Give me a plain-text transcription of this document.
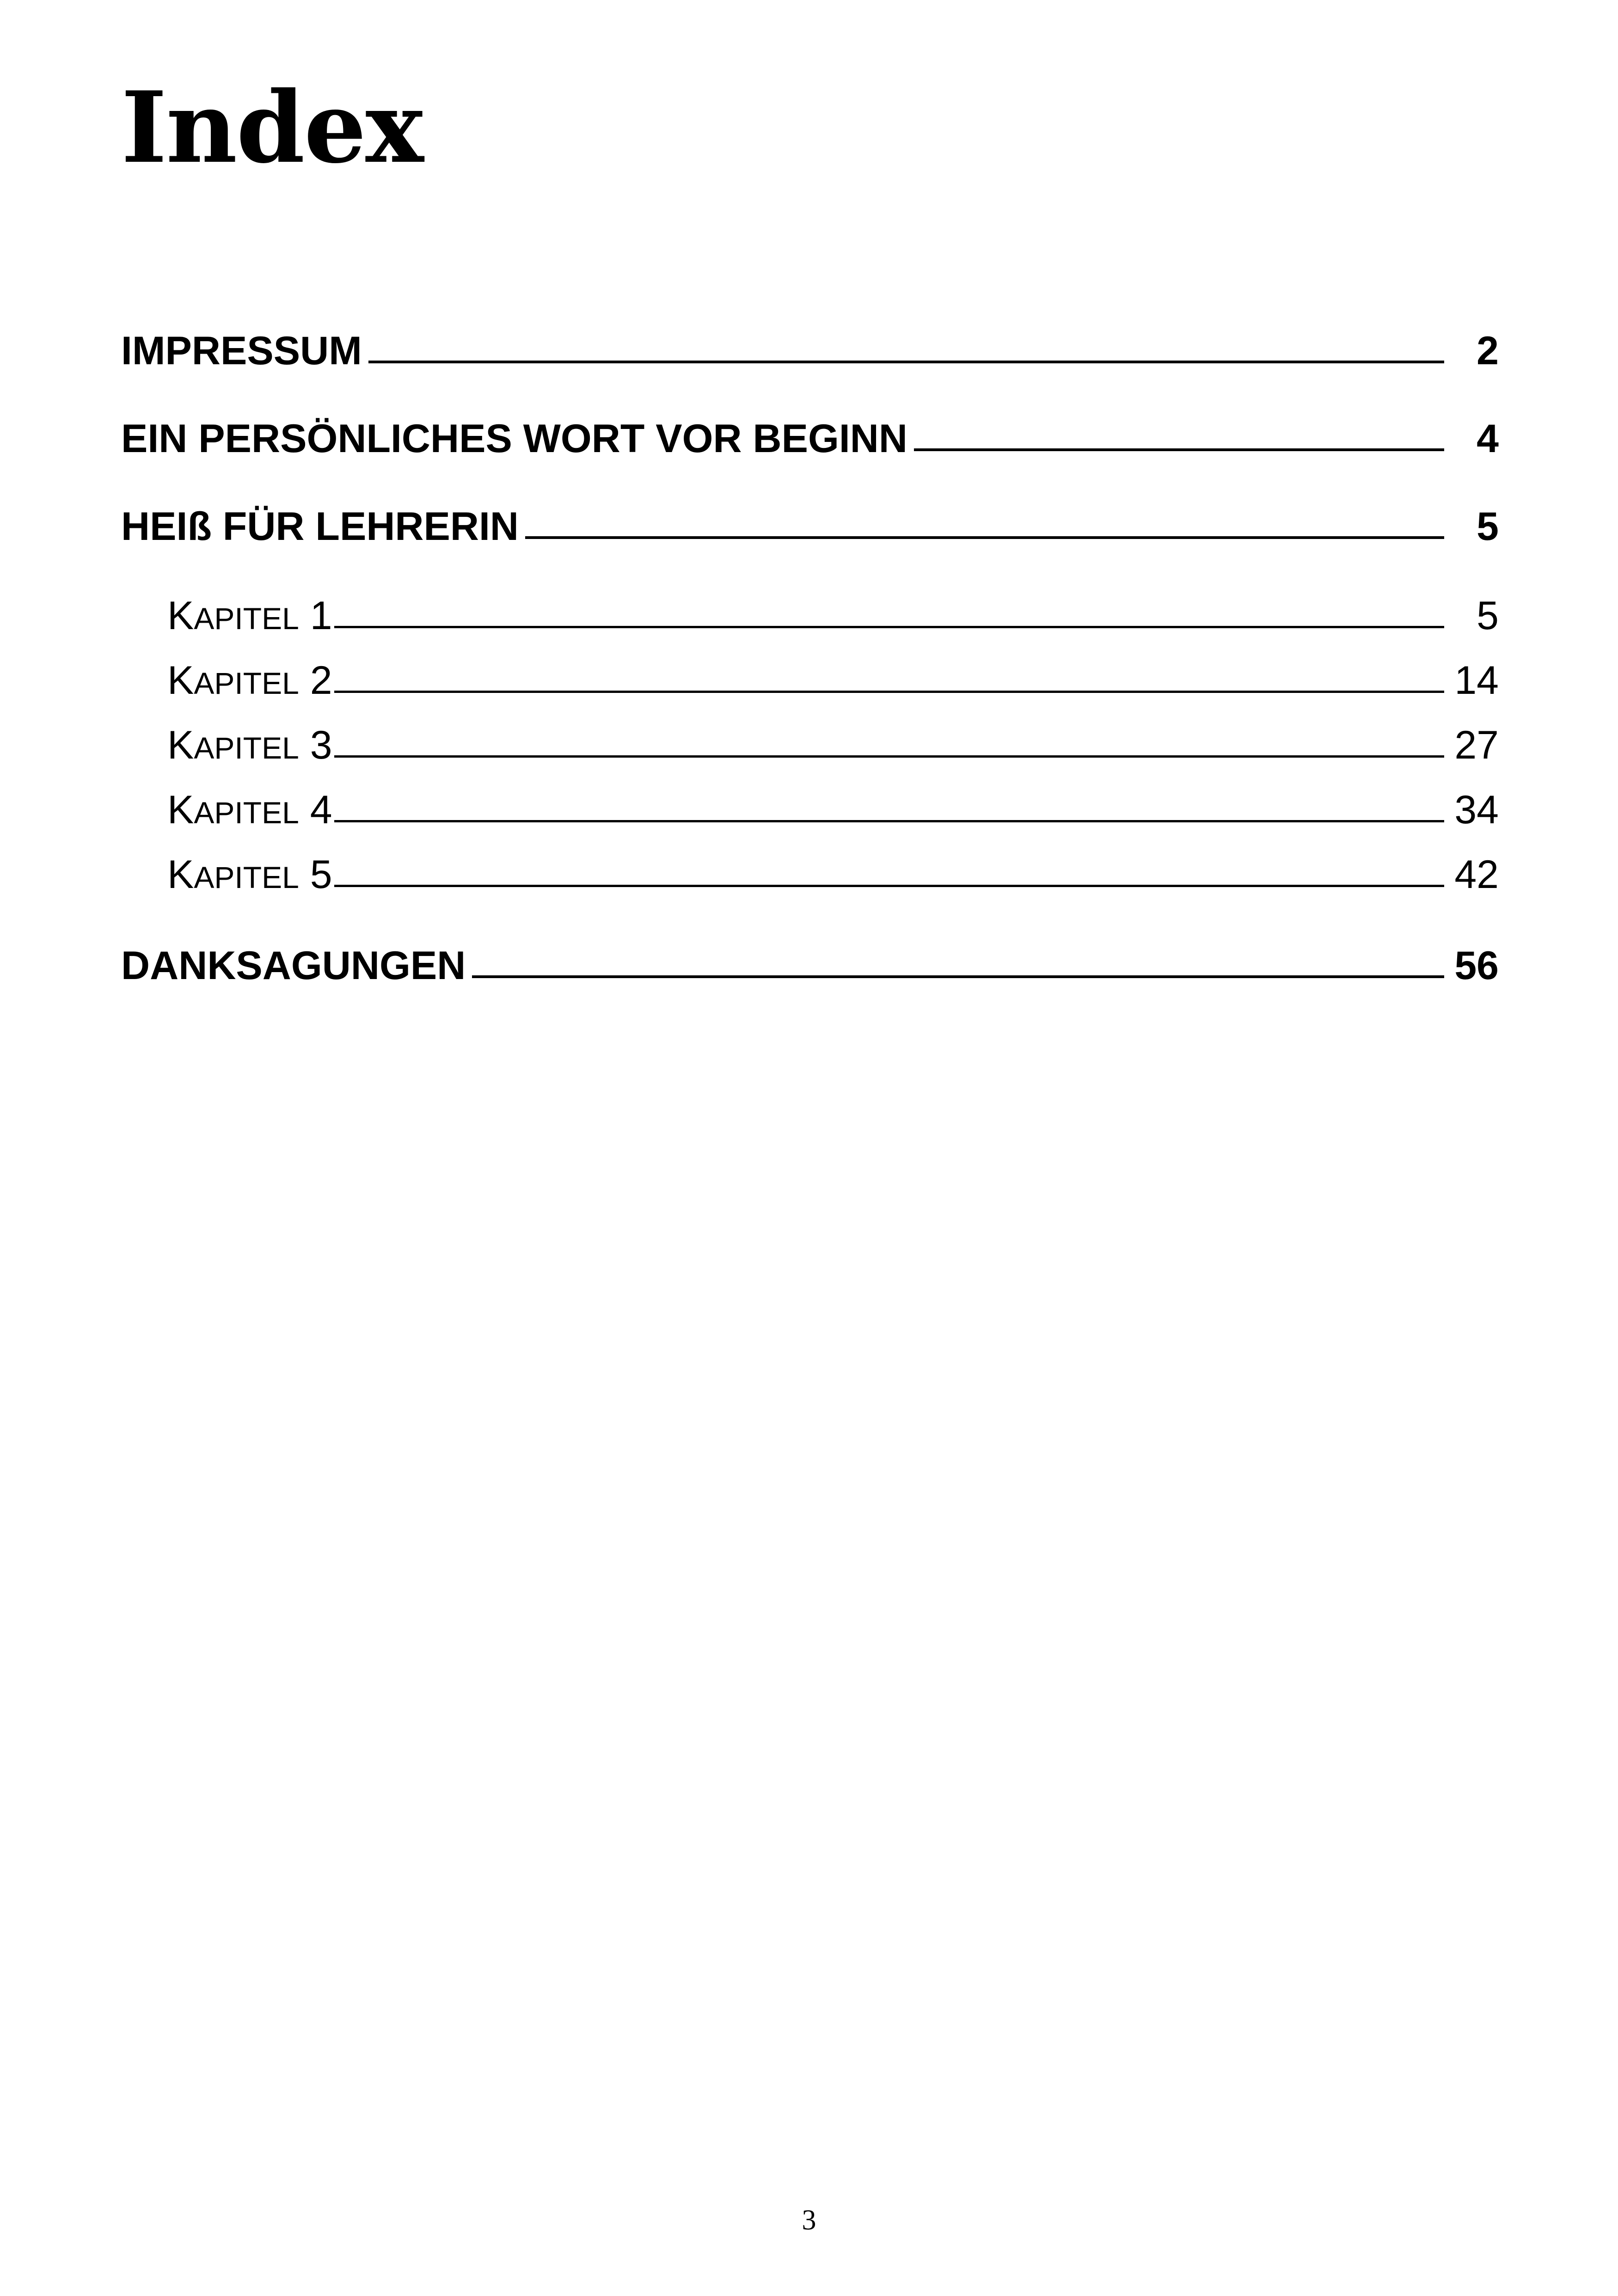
Index
IMPRESSUM	2
EIN PERSÖNLICHES WORT VOR BEGINN	4
HEIß FÜR LEHRERIN	5
KAPITEL 1	5
KAPITEL 2	14
KAPITEL 3	27
KAPITEL 4	34
KAPITEL 5	42
DANKSAGUNGEN	56

3
